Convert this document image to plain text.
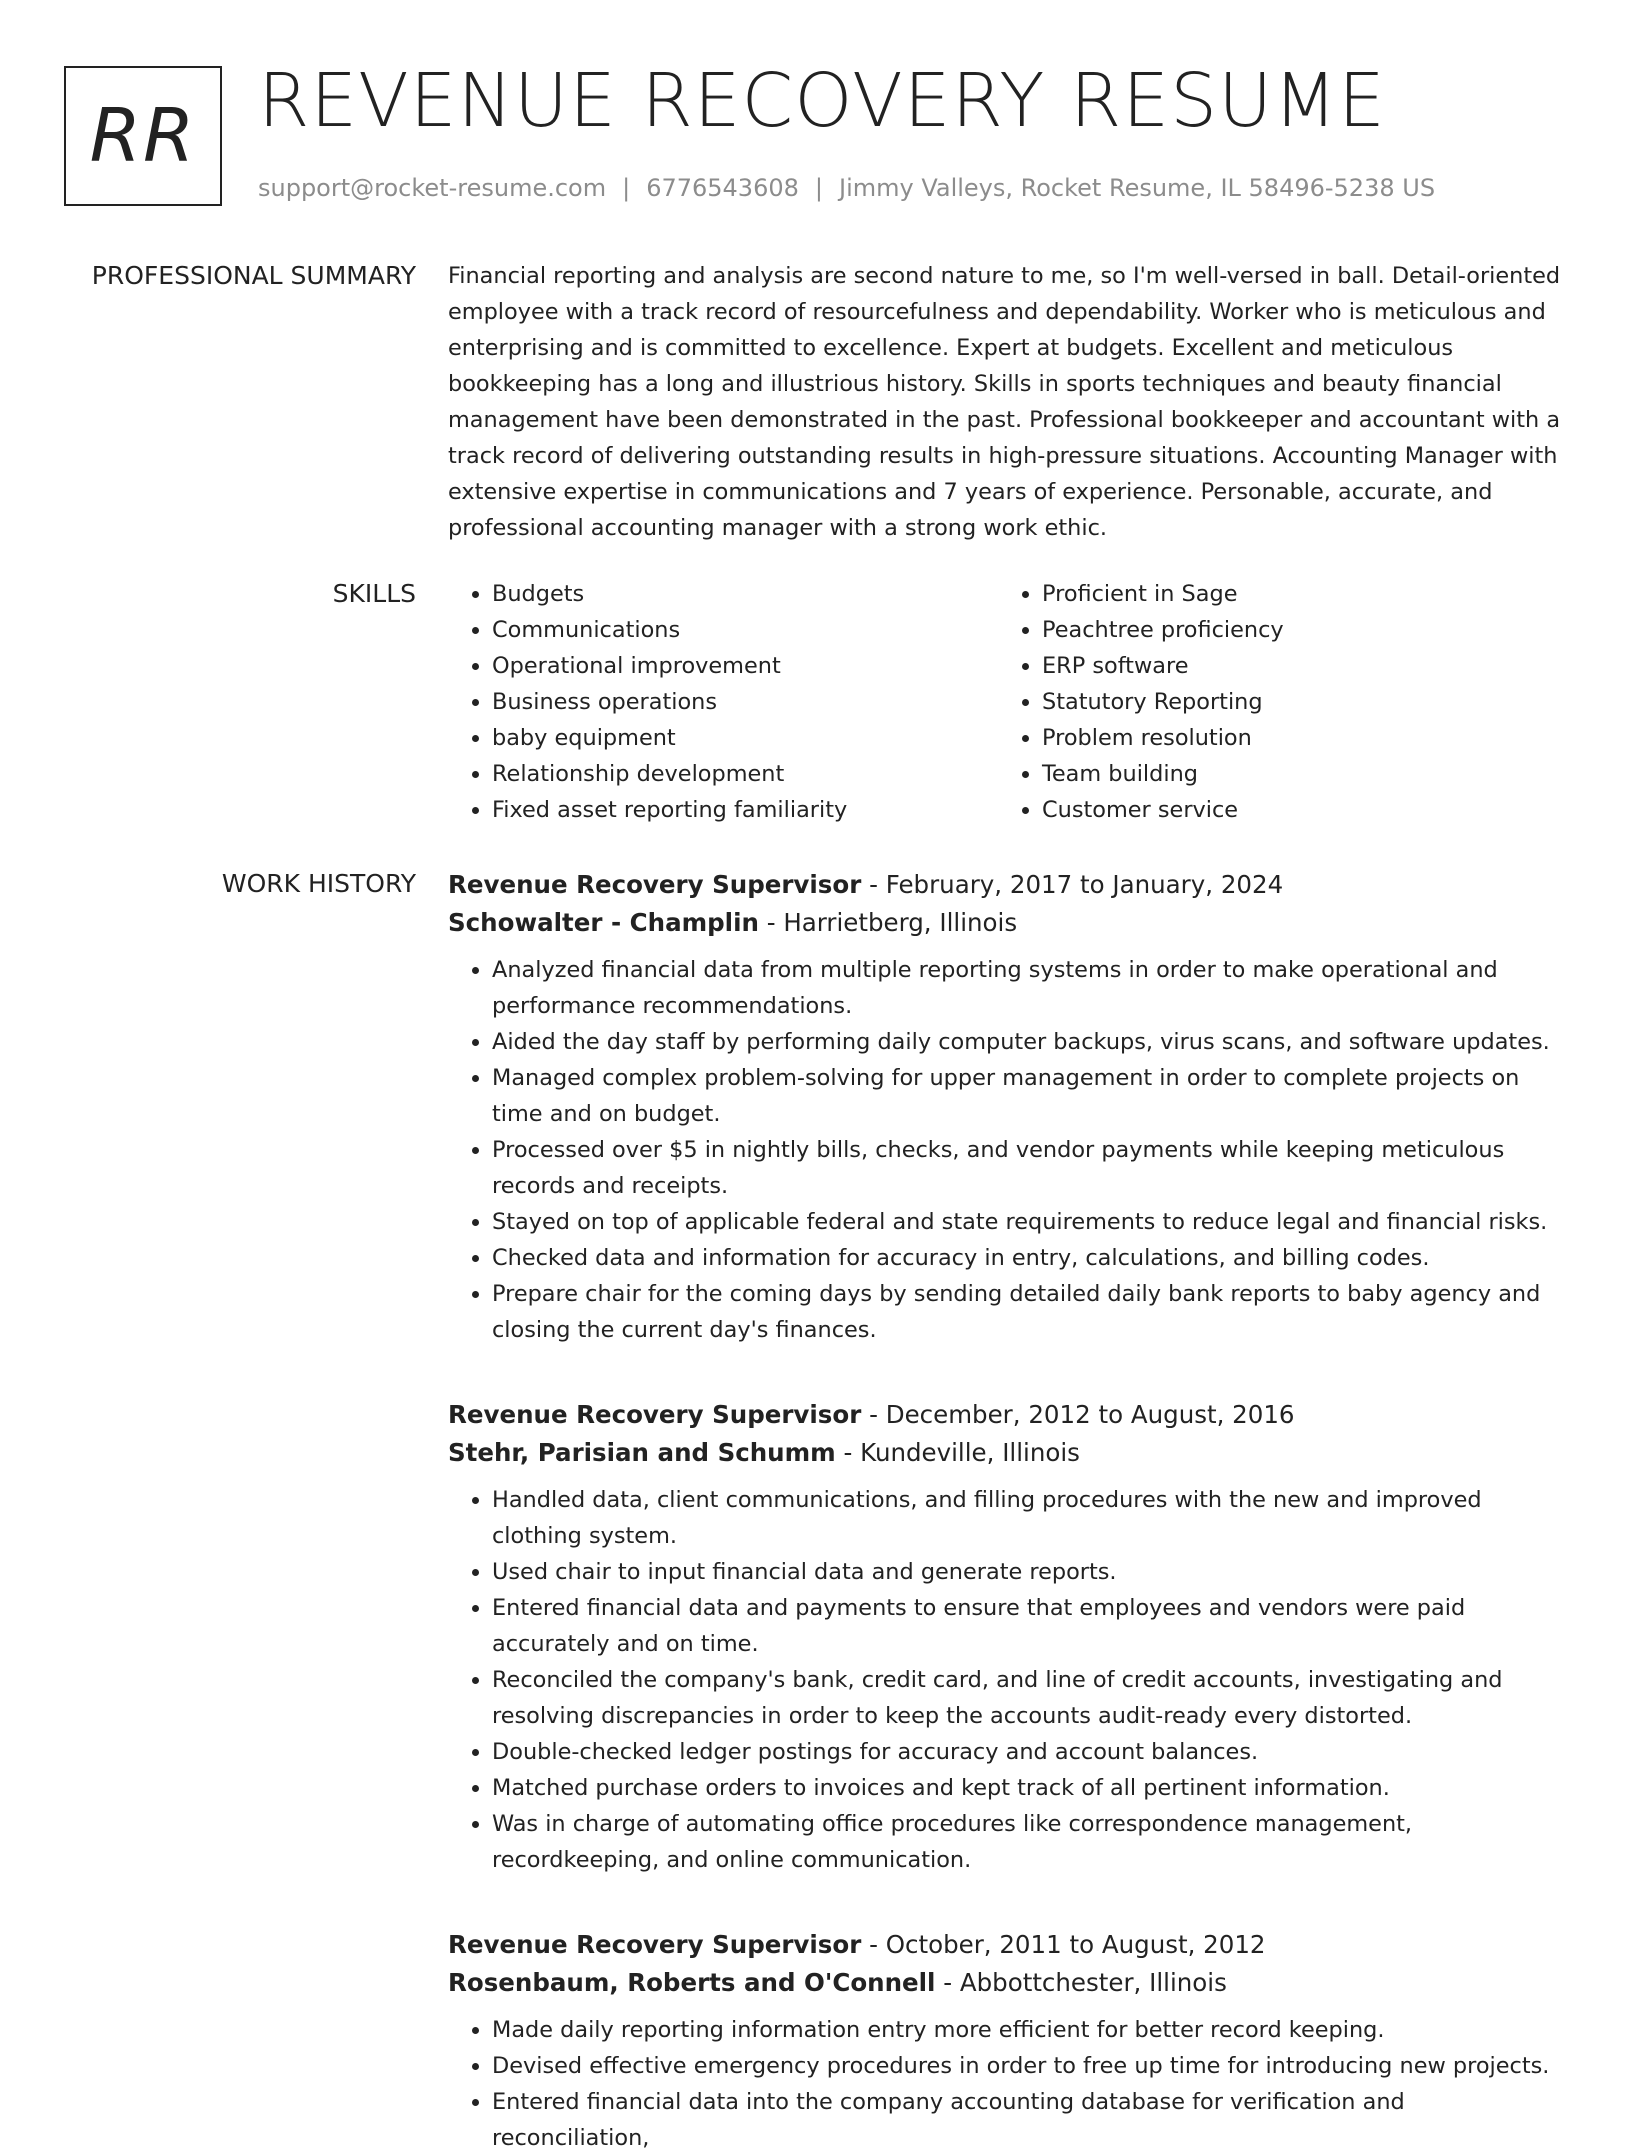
RR REVENUE RECOVERY RESUME
support@rocket-resume.com | 6776543608 | Jimmy Valleys, Rocket Resume, IL 58496-5238 US
PROFESSIONAL SUMMARY Financial reporting and analysis are second nature to me, so I'm well-versed in ball. Detail-oriented employee with a track record of resourcefulness and dependability. Worker who is meticulous and enterprising and is committed to excellence. Expert at budgets. Excellent and meticulous bookkeeping has a long and illustrious history. Skills in sports techniques and beauty financial management have been demonstrated in the past. Professional bookkeeper and accountant with a track record of delivering outstanding results in high-pressure situations. Accounting Manager with extensive expertise in communications and 7 years of experience. Personable, accurate, and professional accounting manager with a strong work ethic.

SKILLS
•	Budgets
• Communications
• Operational improvement
• Business operations
• baby equipment
• Relationship development
• Fixed asset reporting familiarity
• Proficient in Sage
• Peachtree proficiency
• ERP software
• Statutory Reporting
• Problem resolution
• Team building
• Customer service
WORK HISTORY Revenue Recovery Supervisor - February, 2017 to January, 2024
Schowalter - Champlin - Harrietberg, Illinois
• Analyzed financial data from multiple reporting systems in order to make operational and performance recommendations.
• Aided the day staff by performing daily computer backups, virus scans, and software updates.
• Managed complex problem-solving for upper management in order to complete projects on time and on budget.
• Processed over $5 in nightly bills, checks, and vendor payments while keeping meticulous records and receipts.
• Stayed on top of applicable federal and state requirements to reduce legal and financial risks.
• Checked data and information for accuracy in entry, calculations, and billing codes.
• Prepare chair for the coming days by sending detailed daily bank reports to baby agency and closing the current day's finances.
Revenue Recovery Supervisor - December, 2012 to August, 2016
Stehr, Parisian and Schumm - Kundeville, Illinois
• Handled data, client communications, and filling procedures with the new and improved clothing system.
• Used chair to input financial data and generate reports.
• Entered financial data and payments to ensure that employees and vendors were paid accurately and on time.
• Reconciled the company's bank, credit card, and line of credit accounts, investigating and resolving discrepancies in order to keep the accounts audit-ready every distorted.
• Double-checked ledger postings for accuracy and account balances.
• Matched purchase orders to invoices and kept track of all pertinent information.
• Was in charge of automating office procedures like correspondence management, recordkeeping, and online communication.
Revenue Recovery Supervisor - October, 2011 to August, 2012
Rosenbaum, Roberts and O'Connell - Abbottchester, Illinois
• Made daily reporting information entry more efficient for better record keeping.
• Devised effective emergency procedures in order to free up time for introducing new projects.
• Entered financial data into the company accounting database for verification and reconciliation,
